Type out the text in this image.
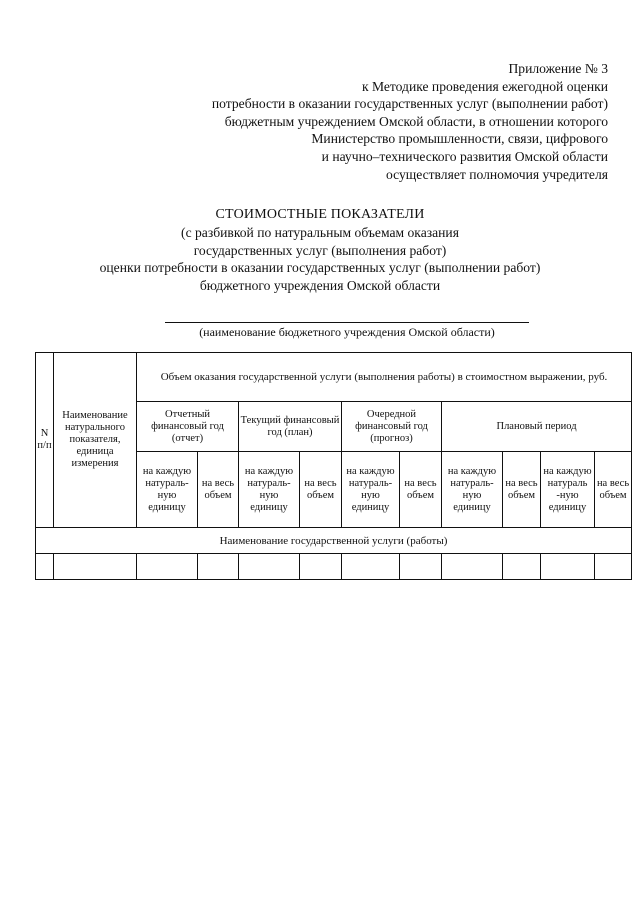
Приложение № 3
к Методике проведения ежегодной оценки
потребности в оказании государственных услуг (выполнении работ)
бюджетным учреждением Омской области, в отношении которого
Министерство промышленности, связи, цифрового
и научно–технического развития Омской области
осуществляет полномочия учредителя
СТОИМОСТНЫЕ ПОКАЗАТЕЛИ
(с разбивкой по натуральным объемам оказания
государственных услуг (выполнения работ)
оценки потребности в оказании государственных услуг (выполнении работ)
бюджетного учреждения Омской области
(наименование бюджетного учреждения Омской области)
N п/п	Наименование натурального показателя, единица измерения	Объем оказания государственной услуги (выполнения работы) в стоимостном выражении, руб.									
		Отчетный финансовый год (отчет)		Текущий финансовый год (план)		Очередной финансовый год (прогноз)		Плановый период			
		на каждую натураль-ную единицу	на весь объем	на каждую натураль-ную единицу	на весь объем	на каждую натураль-ную единицу	на весь объем	на каждую натураль-ную единицу	на весь объем	на каждую натураль -ную единицу	на весь объем
Наименование государственной услуги (работы)											
